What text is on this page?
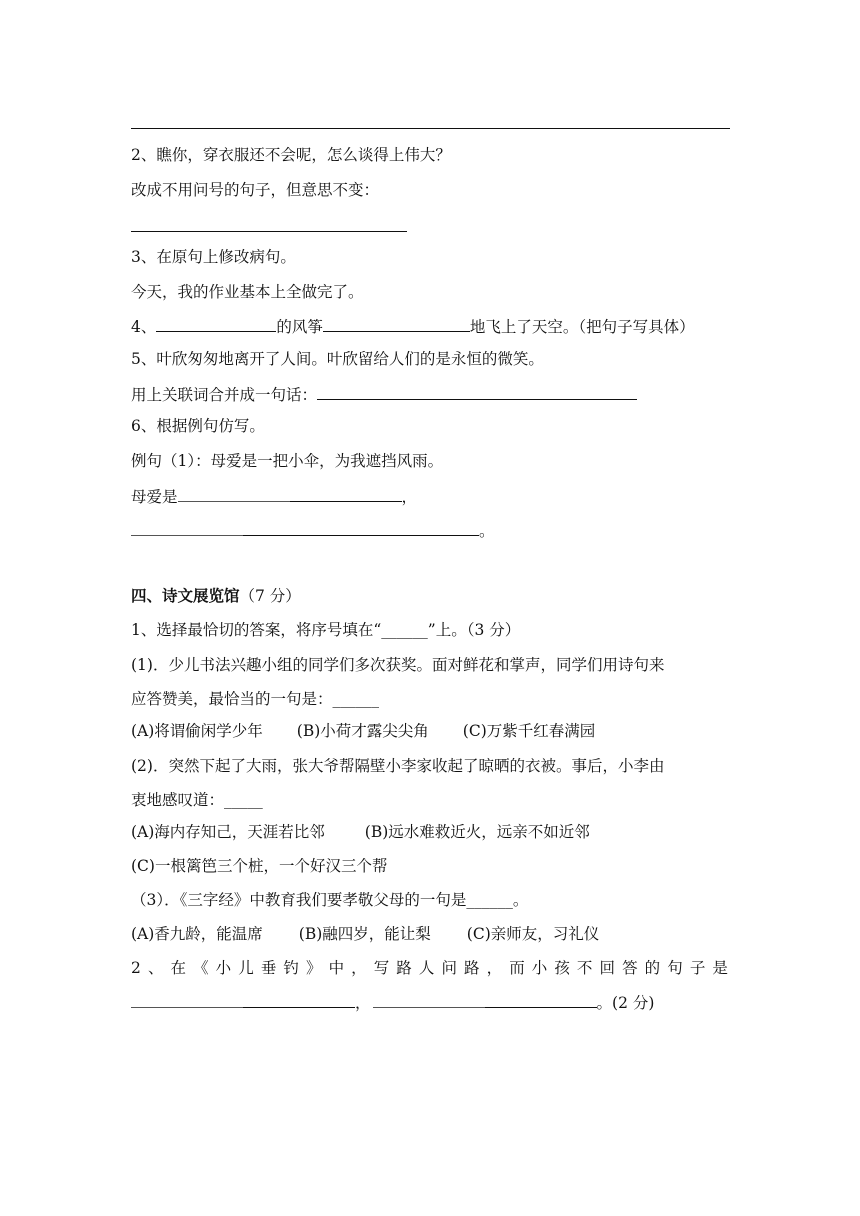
2、瞧你，穿衣服还不会呢，怎么谈得上伟大？
改成不用问号的句子，但意思不变：
3、在原句上修改病句。
今天，我的作业基本上全做完了。
4、	的风筝	地飞上了天空。（把句子写具体）
5、叶欣匆匆地离开了人间。叶欣留给人们的是永恒的微笑。
用上关联词合并成一句话：
6、根据例句仿写。
例句（1）：母爱是一把小伞，为我遮挡风雨。
母爱是	，
。
四、诗文展览馆（7 分）
1、选择最恰切的答案，将序号填在“______”上。（3 分）
(1)．少儿书法兴趣小组的同学们多次获奖。面对鲜花和掌声，同学们用诗句来
应答赞美，最恰当的一句是：______
(A)将谓偷闲学少年 (B)小荷才露尖尖角 (C)万紫千红春满园
(2)．突然下起了大雨，张大爷帮隔壁小李家收起了晾晒的衣被。事后，小李由
衷地感叹道：_____
(A)海内存知己，天涯若比邻	(B)远水难救近火，远亲不如近邻
(C)一根篱笆三个桩，一个好汉三个帮
（3）．《三字经》中教育我们要孝敬父母的一句是______。
(A)香九龄，能温席 (B)融四岁，能让梨 (C)亲师友，习礼仪
2 、 在 《 小 儿 垂 钓 》 中 ， 写 路 人 问 路 ， 而 小 孩 不 回 答 的 句 子 是
，	。(2 分)
